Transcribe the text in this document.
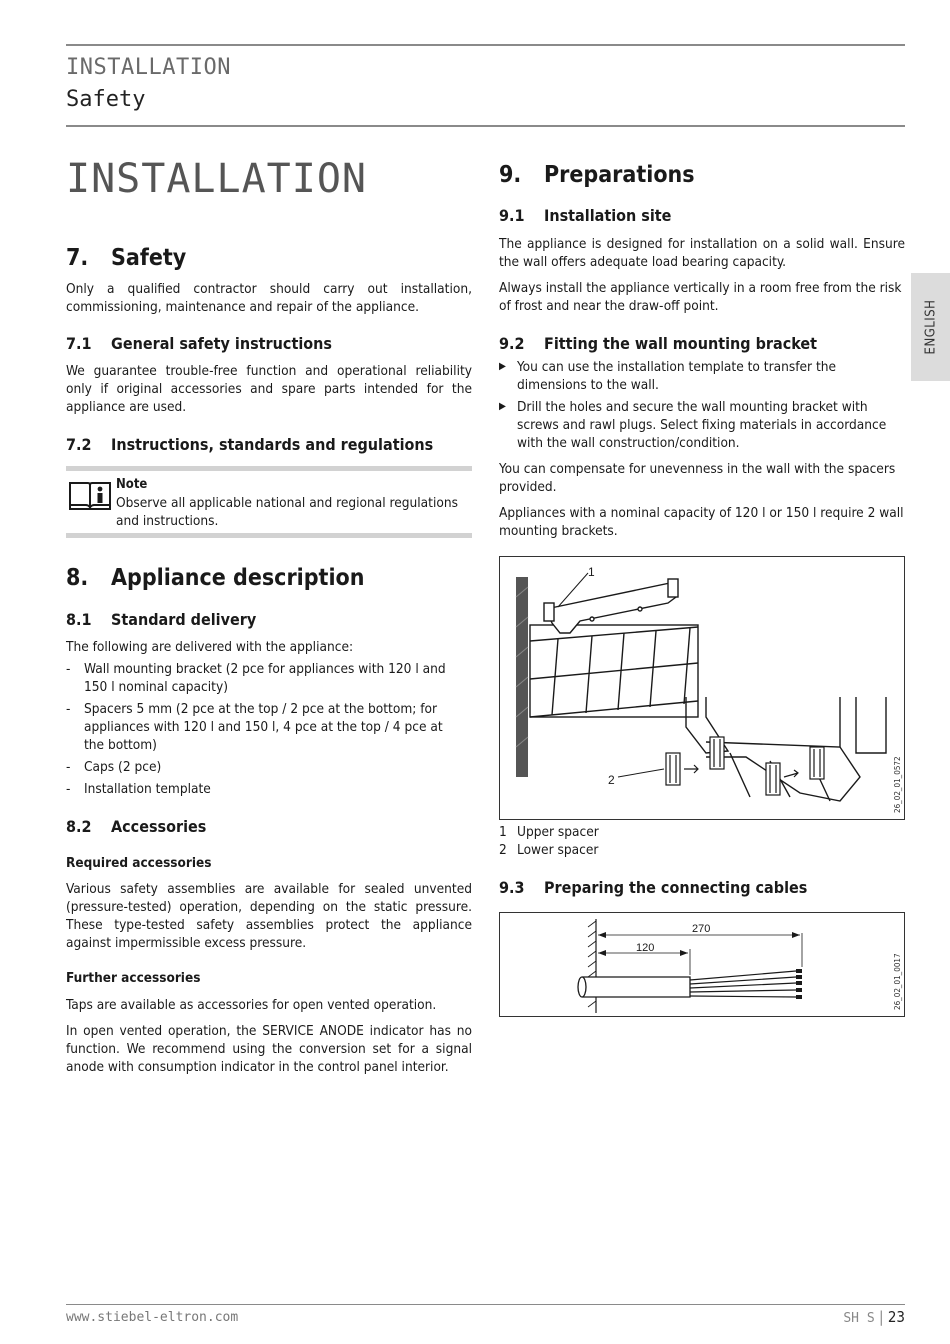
INSTALLATION
Safety
INSTALLATION
ENGLISH
7. Safety

Only a qualified contractor should carry out installation, commissioning, maintenance and repair of the appliance.

7.1 General safety instructions

We guarantee trouble-free function and operational reliability only if original accessories and spare parts intended for the appliance are used.

7.2 Instructions, standards and regulations
8. Appliance description
8.1 Standard delivery

The following are delivered with the appliance:

- Wall mounting bracket (2 pce for appliances with 120 l and 150 l nominal capacity)
- Spacers 5 mm (2 pce at the top / 2 pce at the bottom; for appliances with 120 l and 150 l, 4 pce at the top / 4 pce at the bottom)
- Caps (2 pce)
- Installation template
8.2 Accessories
Required accessories

Various safety assemblies are available for sealed unvented (pressure-tested) operation, depending on the static pressure. These type-tested safety assemblies protect the appliance against impermissible excess pressure.

Further accessories

Taps are available as accessories for open vented operation.

In open vented operation, the SERVICE ANODE indicator has no function. We recommend using the conversion set for a signal anode with consumption indicator in the control panel interior.

Note

Observe all applicable national and regional regulations and instructions.

9. Preparations
9.1 Installation site

The appliance is designed for installation on a solid wall. Ensure the wall offers adequate load bearing capacity.

Always install the appliance vertically in a room free from the risk of frost and near the draw-off point.

9.2 Fitting the wall mounting bracket
▶ You can use the installation template to transfer the dimensions to the wall.
▶ Drill the holes and secure the wall mounting bracket with screws and rawl plugs. Select fixing materials in accordance with the wall construction/condition.

You can compensate for unevenness in the wall with the spacers provided.

Appliances with a nominal capacity of 120 l or 150 l require 2 wall mounting brackets.

1
2	26_02_01_0572
1 Upper spacer
2 Lower spacer
9.3 Preparing the connecting cables
270
120
26_02_01_0017
www.stiebel-eltron.com	SH S | 23
